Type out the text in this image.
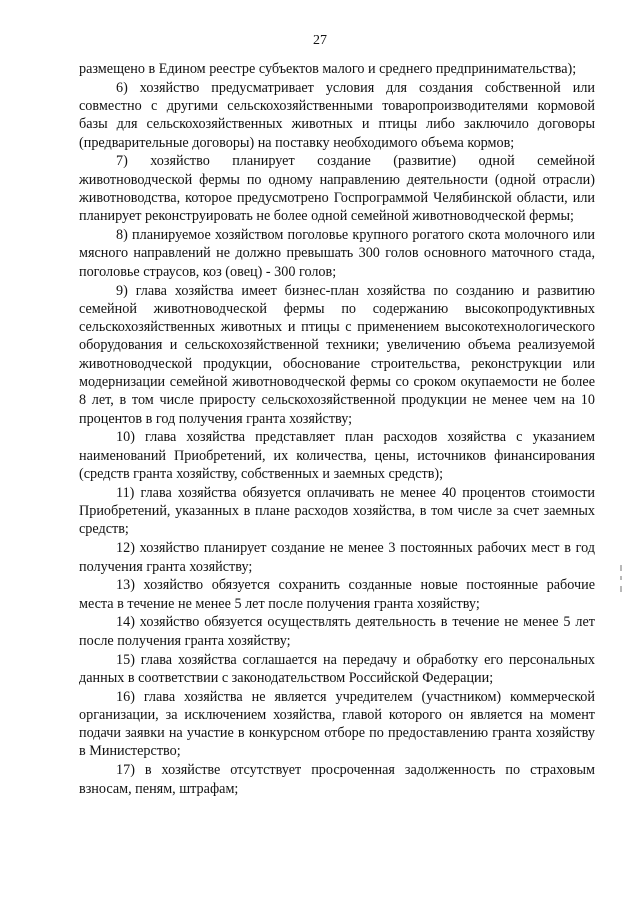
27

размещено в Едином реестре субъектов малого и среднего предпринимательства);

6) хозяйство предусматривает условия для создания собственной или совместно с другими сельскохозяйственными товаропроизводителями кормовой базы для сельскохозяйственных животных и птицы либо заключило договоры (предварительные договоры) на поставку необходимого объема кормов;

7) хозяйство планирует создание (развитие) одной семейной животноводческой фермы по одному направлению деятельности (одной отрасли) животноводства, которое предусмотрено Госпрограммой Челябинской области, или планирует реконструировать не более одной семейной животноводческой фермы;

8) планируемое хозяйством поголовье крупного рогатого скота молочного или мясного направлений не должно превышать 300 голов основного маточного стада, поголовье страусов, коз (овец) - 300 голов;

9) глава хозяйства имеет бизнес-план хозяйства по созданию и развитию семейной животноводческой фермы по содержанию высокопродуктивных сельскохозяйственных животных и птицы с применением высокотехнологического оборудования и сельскохозяйственной техники; увеличению объема реализуемой животноводческой продукции, обоснование строительства, реконструкции или модернизации семейной животноводческой фермы со сроком окупаемости не более 8 лет, в том числе приросту сельскохозяйственной продукции не менее чем на 10 процентов в год получения гранта хозяйству;

10) глава хозяйства представляет план расходов хозяйства с указанием наименований Приобретений, их количества, цены, источников финансирования (средств гранта хозяйству, собственных и заемных средств);

11) глава хозяйства обязуется оплачивать не менее 40 процентов стоимости Приобретений, указанных в плане расходов хозяйства, в том числе за счет заемных средств;

12) хозяйство планирует создание не менее 3 постоянных рабочих мест в год получения гранта хозяйству;

13) хозяйство обязуется сохранить созданные новые постоянные рабочие места в течение не менее 5 лет после получения гранта хозяйству;

14) хозяйство обязуется осуществлять деятельность в течение не менее 5 лет после получения гранта хозяйству;

15) глава хозяйства соглашается на передачу и обработку его персональных данных в соответствии с законодательством Российской Федерации;

16) глава хозяйства не является учредителем (участником) коммерческой организации, за исключением хозяйства, главой которого он является на момент подачи заявки на участие в конкурсном отборе по предоставлению гранта хозяйству в Министерство;

17) в хозяйстве отсутствует просроченная задолженность по страховым взносам, пеням, штрафам;
